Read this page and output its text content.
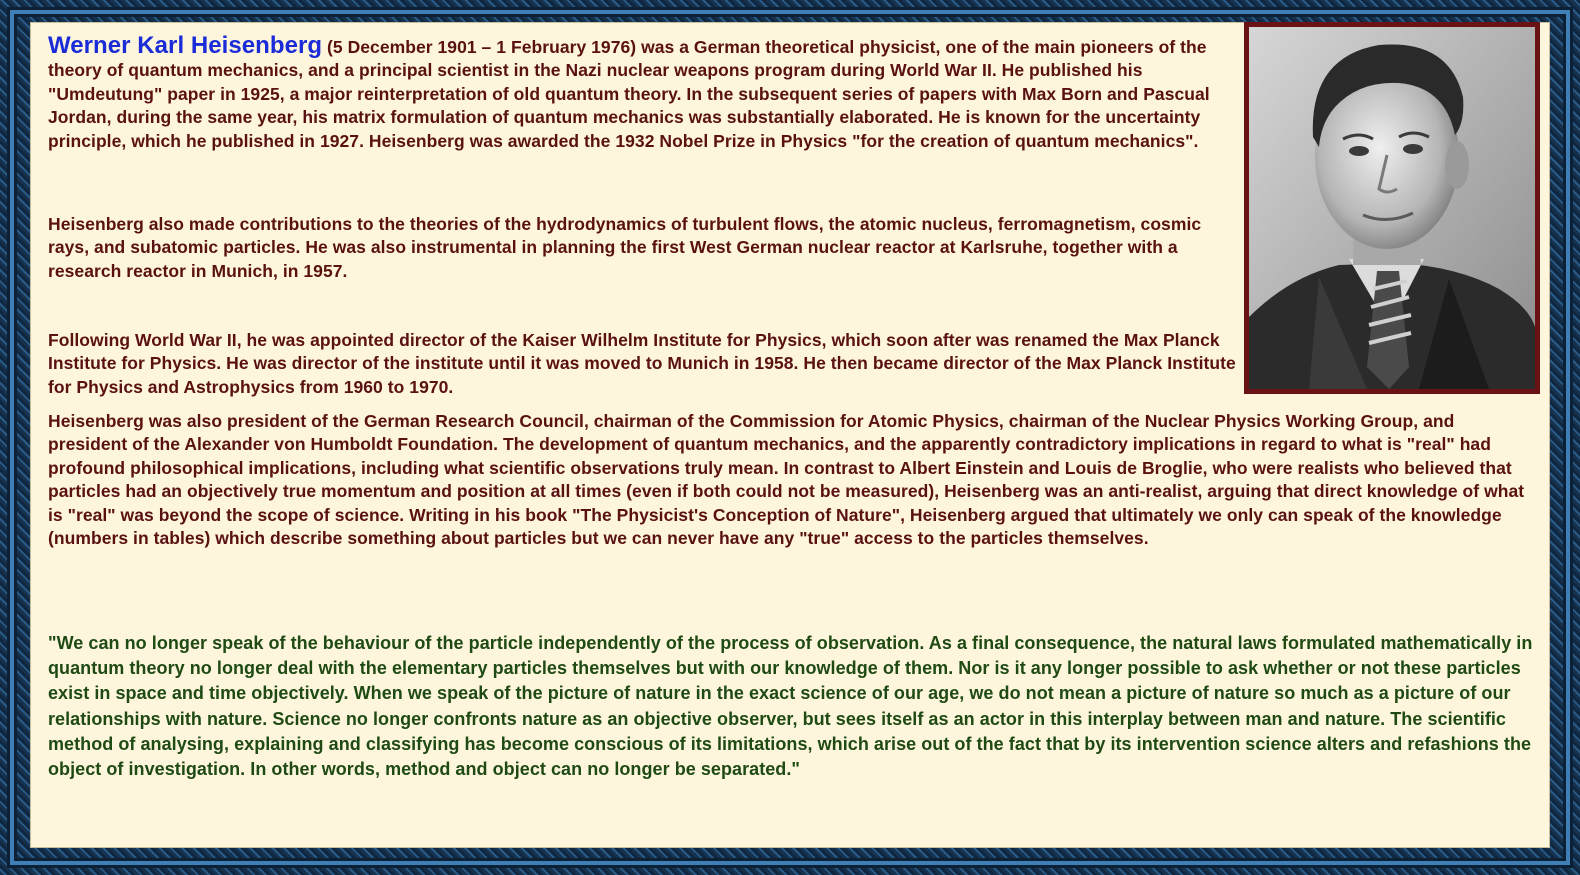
Werner Karl Heisenberg (5 December 1901 – 1 February 1976) was a German theoretical physicist, one of the main pioneers of the theory of quantum mechanics, and a principal scientist in the Nazi nuclear weapons program during World War II. He published his "Umdeutung" paper in 1925, a major reinterpretation of old quantum theory. In the subsequent series of papers with Max Born and Pascual Jordan, during the same year, his matrix formulation of quantum mechanics was substantially elaborated. He is known for the uncertainty principle, which he published in 1927. Heisenberg was awarded the 1932 Nobel Prize in Physics "for the creation of quantum mechanics".
Heisenberg also made contributions to the theories of the hydrodynamics of turbulent flows, the atomic nucleus, ferromagnetism, cosmic rays, and subatomic particles. He was also instrumental in planning the first West German nuclear reactor at Karlsruhe, together with a research reactor in Munich, in 1957.
Following World War II, he was appointed director of the Kaiser Wilhelm Institute for Physics, which soon after was renamed the Max Planck Institute for Physics. He was director of the institute until it was moved to Munich in 1958. He then became director of the Max Planck Institute for Physics and Astrophysics from 1960 to 1970.
Heisenberg was also president of the German Research Council, chairman of the Commission for Atomic Physics, chairman of the Nuclear Physics Working Group, and president of the Alexander von Humboldt Foundation. The development of quantum mechanics, and the apparently contradictory implications in regard to what is "real" had profound philosophical implications, including what scientific observations truly mean. In contrast to Albert Einstein and Louis de Broglie, who were realists who believed that particles had an objectively true momentum and position at all times (even if both could not be measured), Heisenberg was an anti-realist, arguing that direct knowledge of what is "real" was beyond the scope of science. Writing in his book "The Physicist's Conception of Nature", Heisenberg argued that ultimately we only can speak of the knowledge (numbers in tables) which describe something about particles but we can never have any "true" access to the particles themselves.
"We can no longer speak of the behaviour of the particle independently of the process of observation. As a final consequence, the natural laws formulated mathematically in quantum theory no longer deal with the elementary particles themselves but with our knowledge of them. Nor is it any longer possible to ask whether or not these particles exist in space and time objectively. When we speak of the picture of nature in the exact science of our age, we do not mean a picture of nature so much as a picture of our relationships with nature. Science no longer confronts nature as an objective observer, but sees itself as an actor in this interplay between man and nature. The scientific method of analysing, explaining and classifying has become conscious of its limitations, which arise out of the fact that by its intervention science alters and refashions the object of investigation. In other words, method and object can no longer be separated."
